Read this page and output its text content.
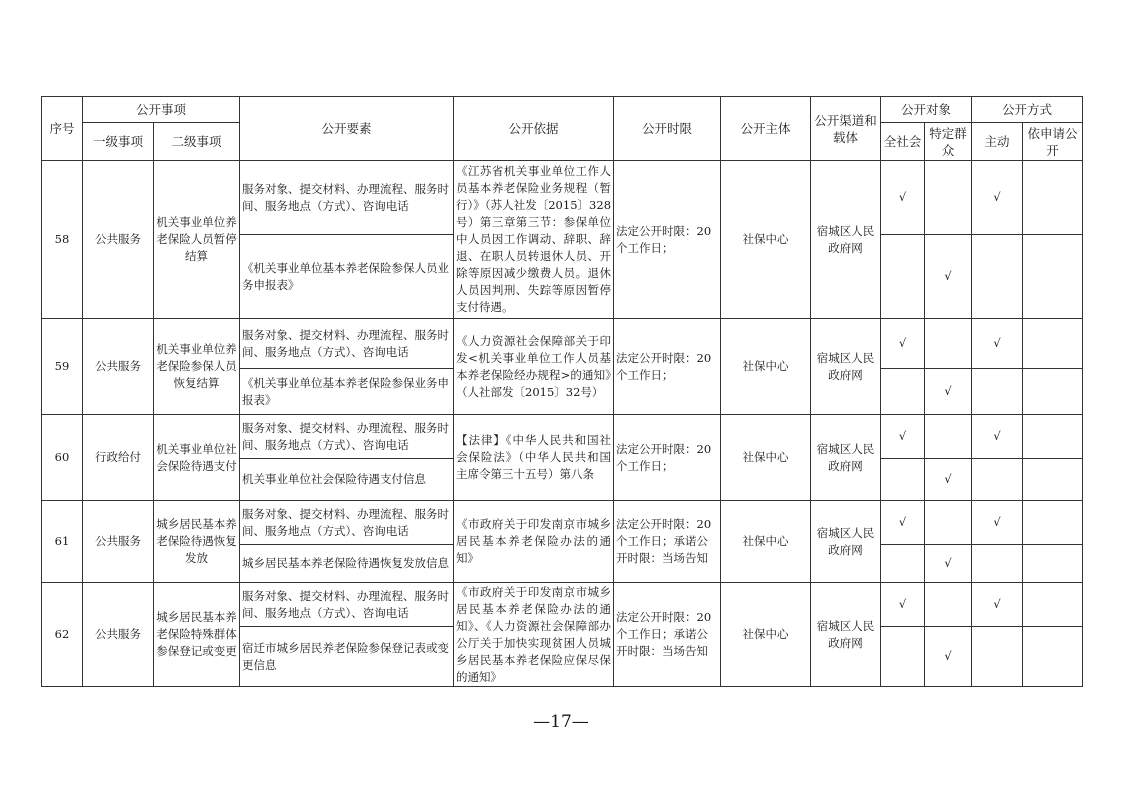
序号	公开事项		公开要素	公开依据	公开时限	公开主体	公开渠道和载体	公开对象		公开方式	
	一级事项	二级事项						全社会	特定群众	主动	依申请公开
58	公共服务	机关事业单位养老保险人员暂停结算	服务对象、提交材料、办理流程、服务时间、服务地点（方式）、咨询电话	《江苏省机关事业单位工作人员基本养老保险业务规程（暂行）》（苏人社发〔2015〕328号）第三章第三节：参保单位中人员因工作调动、辞职、辞退、在职人员转退休人员、开除等原因减少缴费人员。退休人员因判刑、失踪等原因暂停支付待遇。	法定公开时限：20个工作日；	社保中心	宿城区人民政府网	√		√	
			《机关事业单位基本养老保险参保人员业务申报表》						√		
59	公共服务	机关事业单位养老保险参保人员恢复结算	服务对象、提交材料、办理流程、服务时间、服务地点（方式）、咨询电话	《人力资源社会保障部关于印发<机关事业单位工作人员基本养老保险经办规程>的通知》（人社部发〔2015〕32号）	法定公开时限：20个工作日；	社保中心	宿城区人民政府网	√		√	
			《机关事业单位基本养老保险参保业务申报表》						√		
60	行政给付	机关事业单位社会保险待遇支付	服务对象、提交材料、办理流程、服务时间、服务地点（方式）、咨询电话	【法律】《中华人民共和国社会保险法》（中华人民共和国主席令第三十五号）第八条	法定公开时限：20个工作日；	社保中心	宿城区人民政府网	√		√	
			机关事业单位社会保险待遇支付信息						√		
61	公共服务	城乡居民基本养老保险待遇恢复发放	服务对象、提交材料、办理流程、服务时间、服务地点（方式）、咨询电话	《市政府关于印发南京市城乡居民基本养老保险办法的通知》	法定公开时限：20个工作日；承诺公开时限：当场告知	社保中心	宿城区人民政府网	√		√	
			城乡居民基本养老保险待遇恢复发放信息						√		
62	公共服务	城乡居民基本养老保险特殊群体参保登记或变更	服务对象、提交材料、办理流程、服务时间、服务地点（方式）、咨询电话	《市政府关于印发南京市城乡居民基本养老保险办法的通知》、《人力资源社会保障部办公厅关于加快实现贫困人员城乡居民基本养老保险应保尽保的通知》	法定公开时限：20个工作日；承诺公开时限：当场告知	社保中心	宿城区人民政府网	√		√	
			宿迁市城乡居民养老保险参保登记表或变更信息						√		
—17—
